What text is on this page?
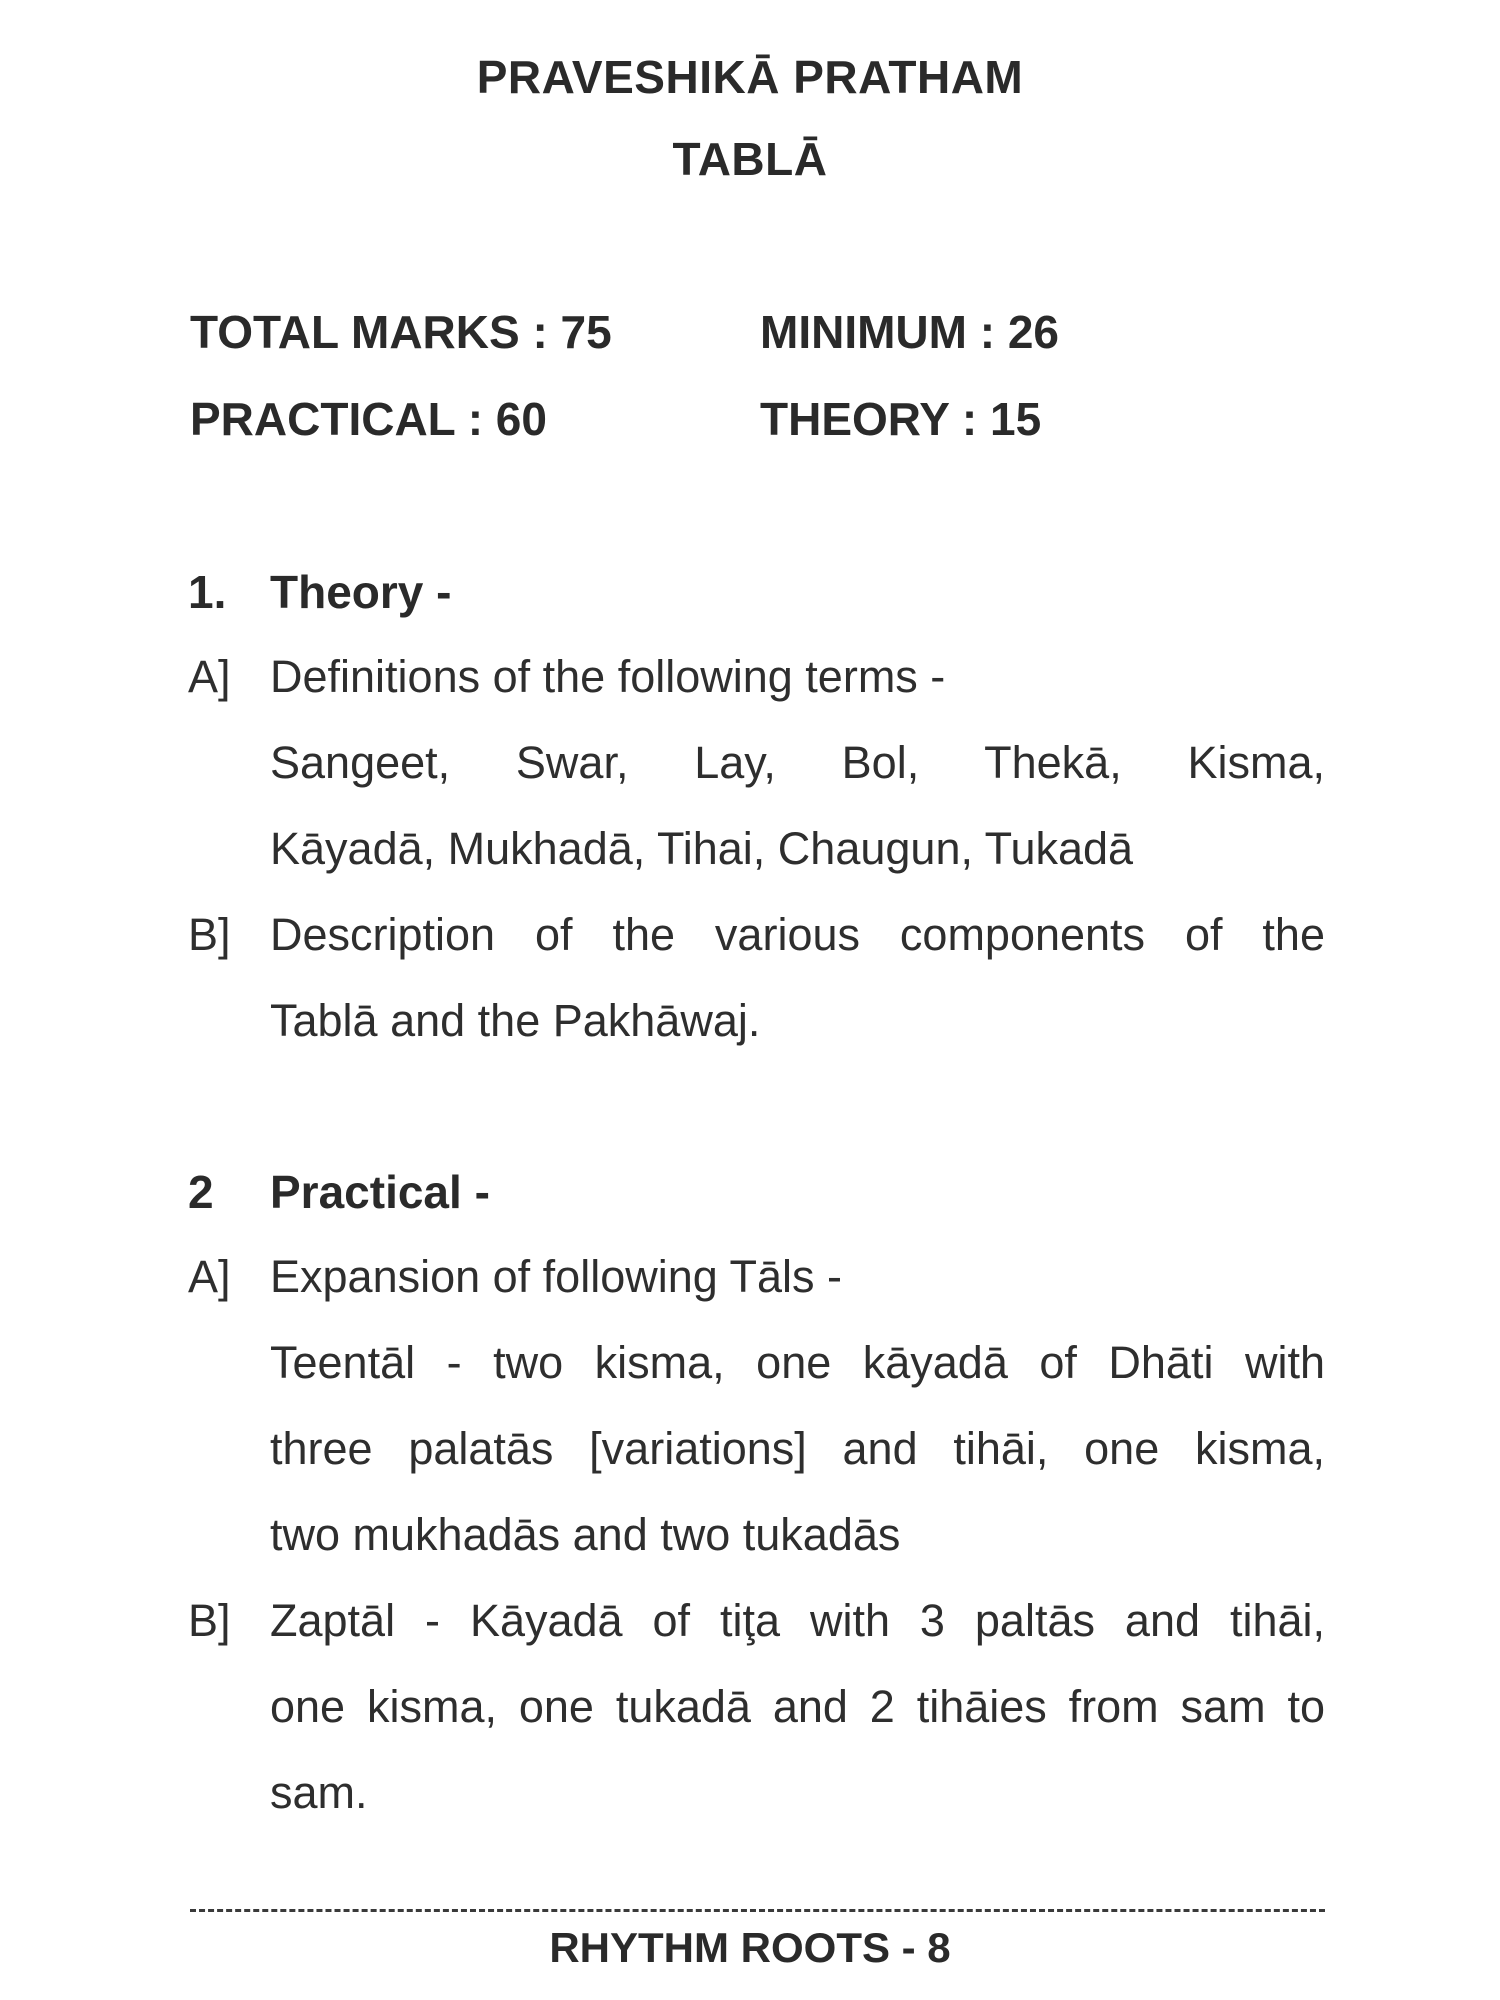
PRAVESHIKĀ PRATHAM
TABLĀ
TOTAL MARKS : 75	MINIMUM : 26
PRACTICAL : 60	THEORY : 15
1. Theory -
A] Definitions of the following terms -
Sangeet, Swar, Lay, Bol, Thekā, Kisma,
Kāyadā, Mukhadā, Tihai, Chaugun, Tukadā
B] Description of the various components of the
Tablā and the Pakhāwaj.
2 Practical -
A] Expansion of following Tāls -
Teentāl - two kisma, one kāyadā of Dhāti with
three palatās [variations] and tihāi, one kisma,
two mukhadās and two tukadās
B] Zaptāl - Kāyadā of tiţa with 3 paltās and tihāi,
one kisma, one tukadā and 2 tihāies from sam to
sam.
RHYTHM ROOTS - 8
